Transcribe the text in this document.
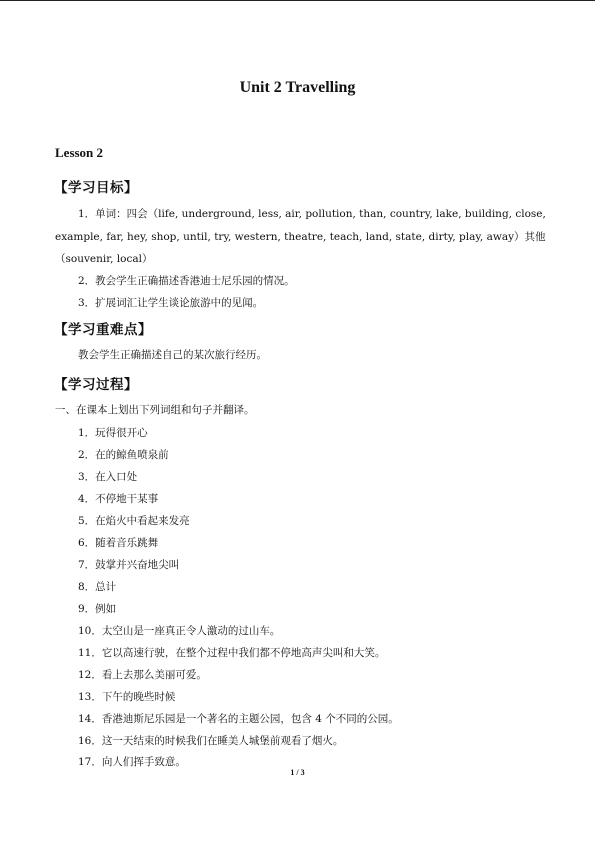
Unit 2 Travelling
Lesson 2
【学习目标】
1．单词：四会（life, underground, less, air, pollution, than, country, lake, building, close,
example, far, hey, shop, until, try, western, theatre, teach, land, state, dirty, play, away）其他
（souvenir, local）
2．教会学生正确描述香港迪士尼乐园的情况。
3．扩展词汇让学生谈论旅游中的见闻。
【学习重难点】
教会学生正确描述自己的某次旅行经历。
【学习过程】
一、在课本上划出下列词组和句子并翻译。
1．玩得很开心
2．在的鲸鱼喷泉前
3．在入口处
4．不停地干某事
5．在焰火中看起来发亮
6．随着音乐跳舞
7．鼓掌并兴奋地尖叫
8．总计
9．例如
10．太空山是一座真正令人激动的过山车。
11．它以高速行驶，在整个过程中我们都不停地高声尖叫和大笑。
12．看上去那么美丽可爱。
13．下午的晚些时候
14．香港迪斯尼乐园是一个著名的主题公园，包含 4 个不同的公园。
16．这一天结束的时候我们在睡美人城堡前观看了烟火。
17．向人们挥手致意。
1 / 3
